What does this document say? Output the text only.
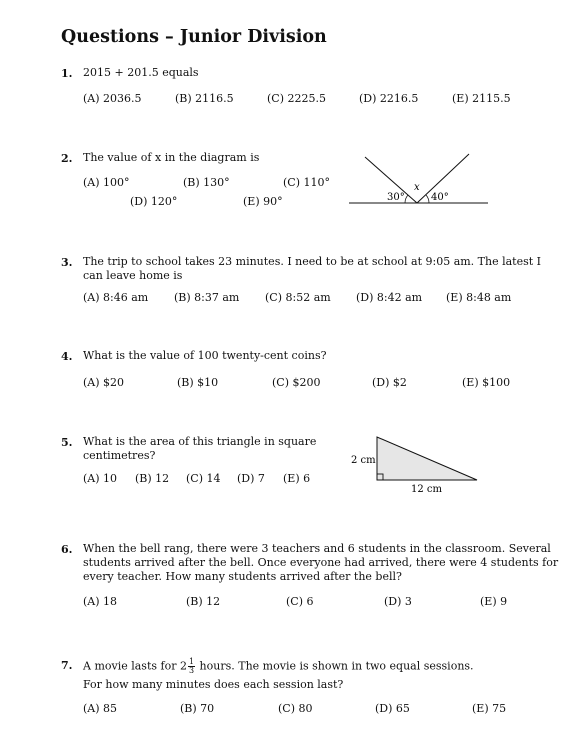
Questions – Junior Division
1. 2015 + 201.5 equals
(A) 2036.5	(B) 2116.5	(C) 2225.5	(D) 2216.5	(E) 2115.5
2. The value of x in the diagram is
(A) 100°	(B) 130°	(C) 110°
(D) 120°	(E) 90°	30°	40°
x
3. The trip to school takes 23 minutes. I need to be at school at 9:05 am. The latest I
can leave home is
(A) 8:46 am (B) 8:37 am (C) 8:52 am (D) 8:42 am (E) 8:48 am
4. What is the value of 100 twenty-cent coins?
(A) $20	(B) $10	(C) $200	(D) $2	(E) $100
5. What is the area of this triangle in square
centimetres?
(A) 10 (B) 12 (C) 14 (D) 7 (E) 6
2 cm
12 cm
6. When the bell rang, there were 3 teachers and 6 students in the classroom. Several
students arrived after the bell. Once everyone had arrived, there were 4 students for
every teacher. How many students arrived after the bell?
(A) 18	(B) 12	(C) 6	(D) 3	(E) 9
7. A movie lasts for $2 \frac{1}{3}$ hours. The movie is shown in two equal sessions.
For how many minutes does each session last?
(A) 85	(B) 70	(C) 80	(D) 65	(E) 75
